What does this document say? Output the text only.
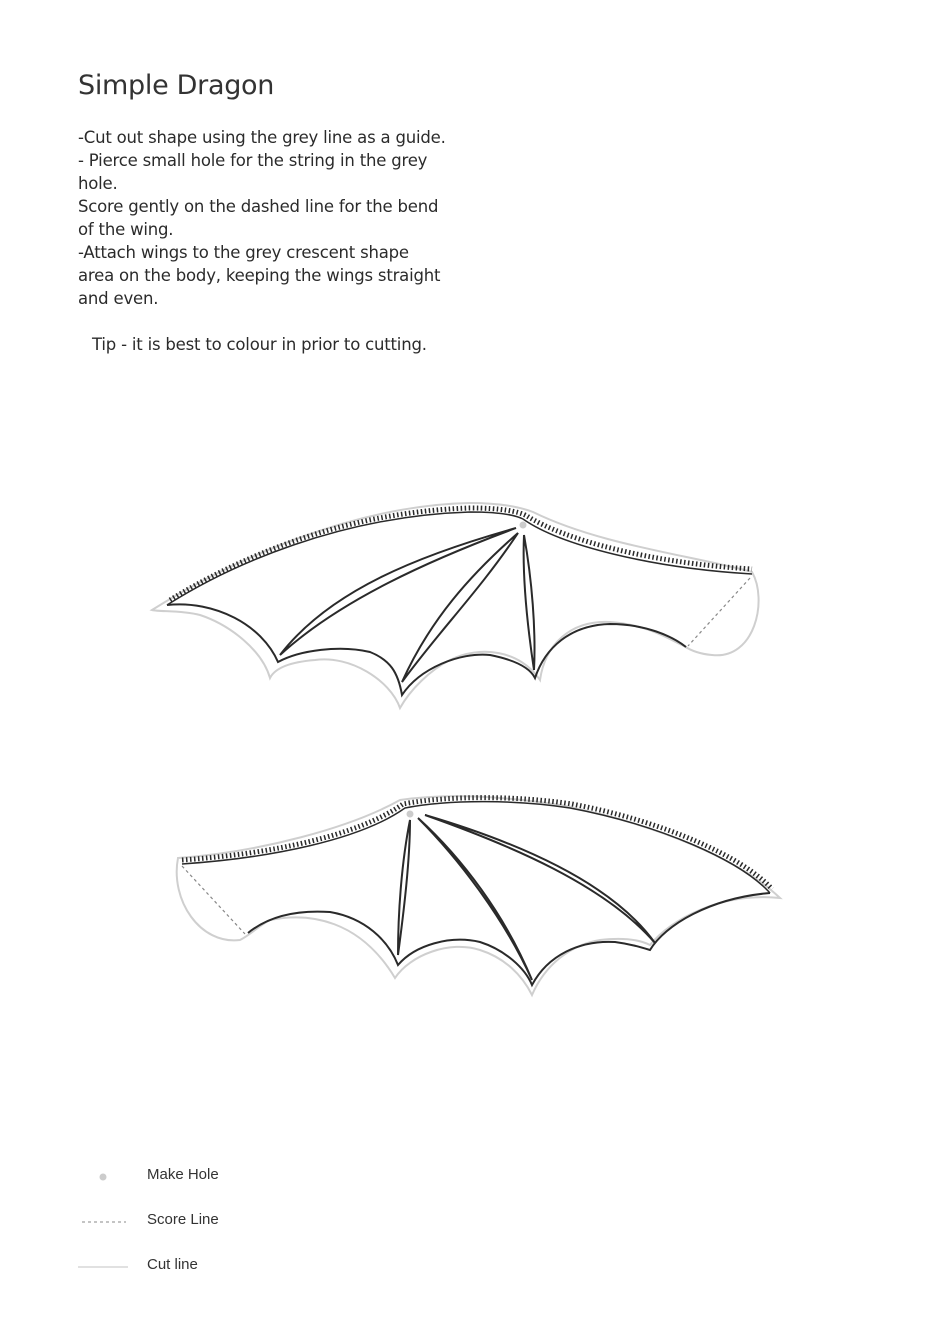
Simple Dragon

-Cut out shape using the grey line as a guide.

- Pierce small hole for the string in the grey hole.

Score gently on the dashed line for the bend of the wing.

-Attach wings to the grey crescent shape area on the body, keeping the wings straight and even.

Tip - it is best to colour in prior to cutting.

Make Hole
Score Line
Cut line
